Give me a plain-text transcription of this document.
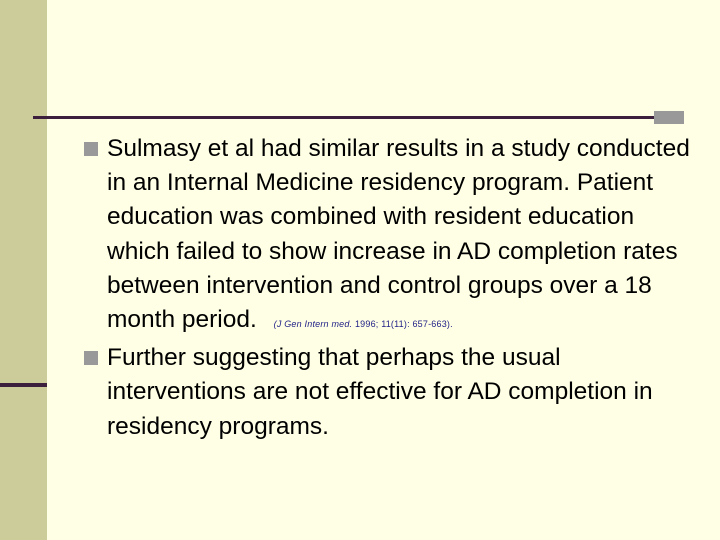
Sulmasy et al had similar results in a study conducted in an Internal Medicine residency program. Patient education was combined with resident education which failed to show increase in AD completion rates between intervention and control groups over a 18 month period. (J Gen Intern med. 1996; 11(11): 657-663).
Further suggesting that perhaps the usual interventions are not effective for AD completion in residency programs.
